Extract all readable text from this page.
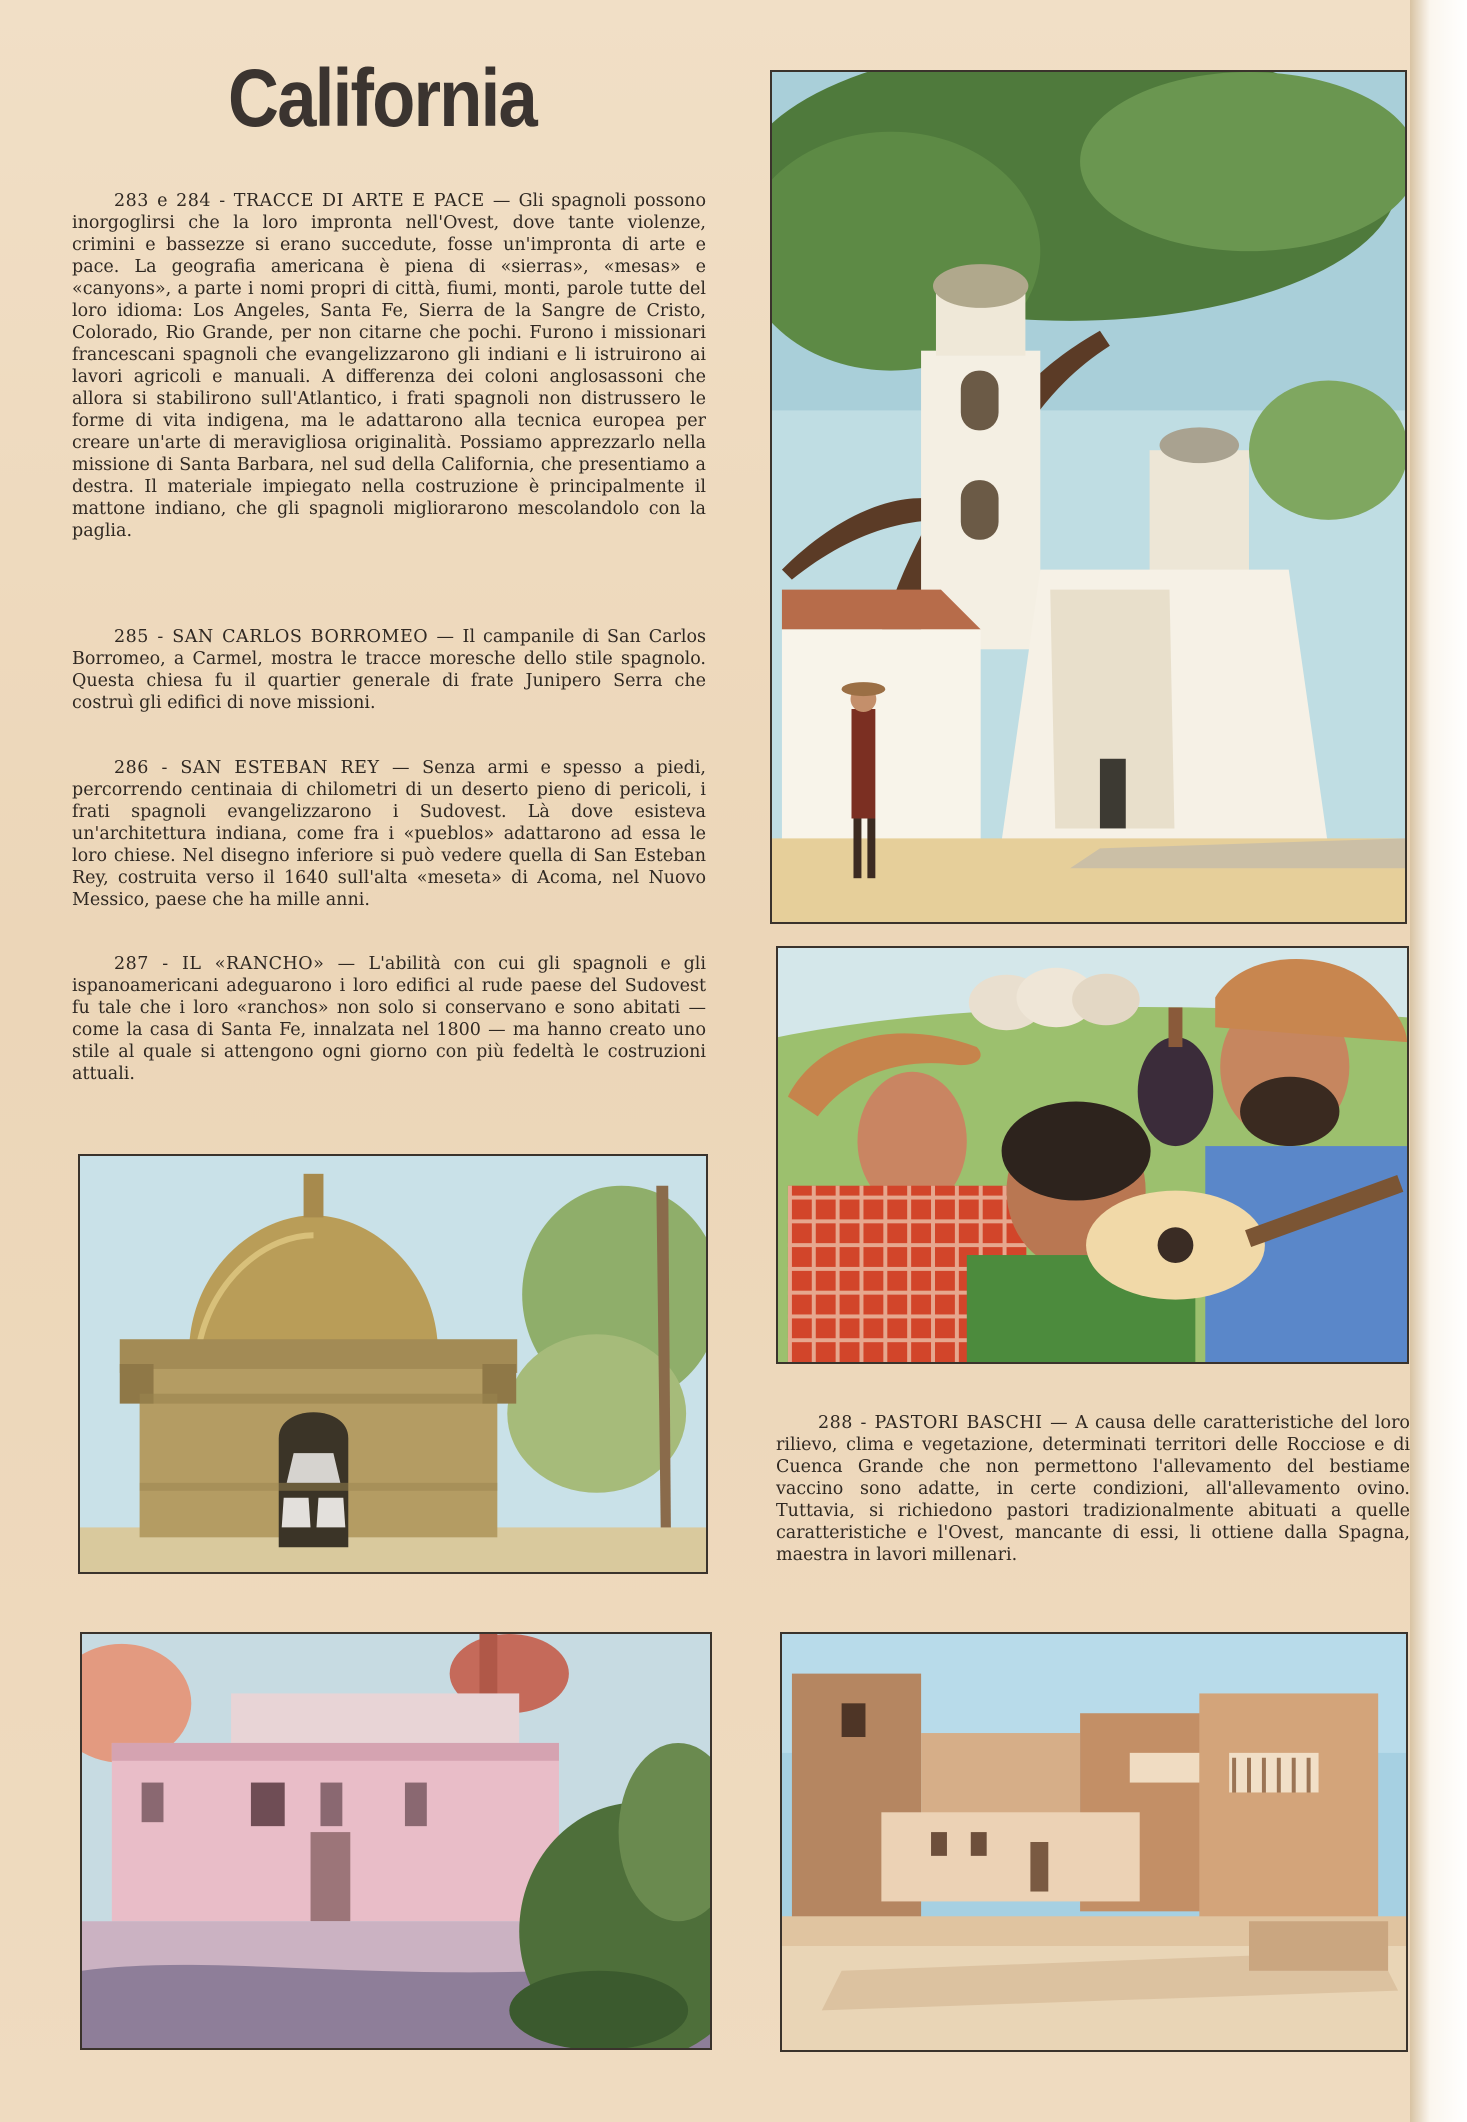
California

283 e 284 - TRACCE DI ARTE E PACE — Gli spagnoli possono inorgoglirsi che la loro impronta nell'Ovest, dove tante violenze, crimini e bassezze si erano succedute, fosse un'impronta di arte e pace. La geografia americana è piena di «sierras», «mesas» e «canyons», a parte i nomi propri di città, fiumi, monti, parole tutte del loro idioma: Los Angeles, Santa Fe, Sierra de la Sangre de Cristo, Colorado, Rio Grande, per non citarne che pochi. Furono i missionari francescani spagnoli che evangelizzarono gli indiani e li istruirono ai lavori agricoli e manuali. A differenza dei coloni anglosassoni che allora si stabilirono sull'Atlantico, i frati spagnoli non distrussero le forme di vita indigena, ma le adattarono alla tecnica europea per creare un'arte di meravigliosa originalità. Possiamo apprezzarlo nella missione di Santa Barbara, nel sud della California, che presentiamo a destra. Il materiale impiegato nella costruzione è principalmente il mattone indiano, che gli spagnoli migliorarono mescolandolo con la paglia.

285 - SAN CARLOS BORROMEO — Il campanile di San Carlos Borromeo, a Carmel, mostra le tracce moresche dello stile spagnolo. Questa chiesa fu il quartier generale di frate Junipero Serra che costruì gli edifici di nove missioni.

286 - SAN ESTEBAN REY — Senza armi e spesso a piedi, percorrendo centinaia di chilometri di un deserto pieno di pericoli, i frati spagnoli evangelizzarono i Sudovest. Là dove esisteva un'architettura indiana, come fra i «pueblos» adattarono ad essa le loro chiese. Nel disegno inferiore si può vedere quella di San Esteban Rey, costruita verso il 1640 sull'alta «meseta» di Acoma, nel Nuovo Messico, paese che ha mille anni.

287 - IL «RANCHO» — L'abilità con cui gli spagnoli e gli ispanoamericani adeguarono i loro edifici al rude paese del Sudovest fu tale che i loro «ranchos» non solo si conservano e sono abitati — come la casa di Santa Fe, innalzata nel 1800 — ma hanno creato uno stile al quale si attengono ogni giorno con più fedeltà le costruzioni attuali.

288 - PASTORI BASCHI — A causa delle caratteristiche del loro rilievo, clima e vegetazione, determinati territori delle Rocciose e di Cuenca Grande che non permettono l'allevamento del bestiame vaccino sono adatte, in certe condizioni, all'allevamento ovino. Tuttavia, si richiedono pastori tradizionalmente abituati a quelle caratteristiche e l'Ovest, mancante di essi, li ottiene dalla Spagna, maestra in lavori millenari.
